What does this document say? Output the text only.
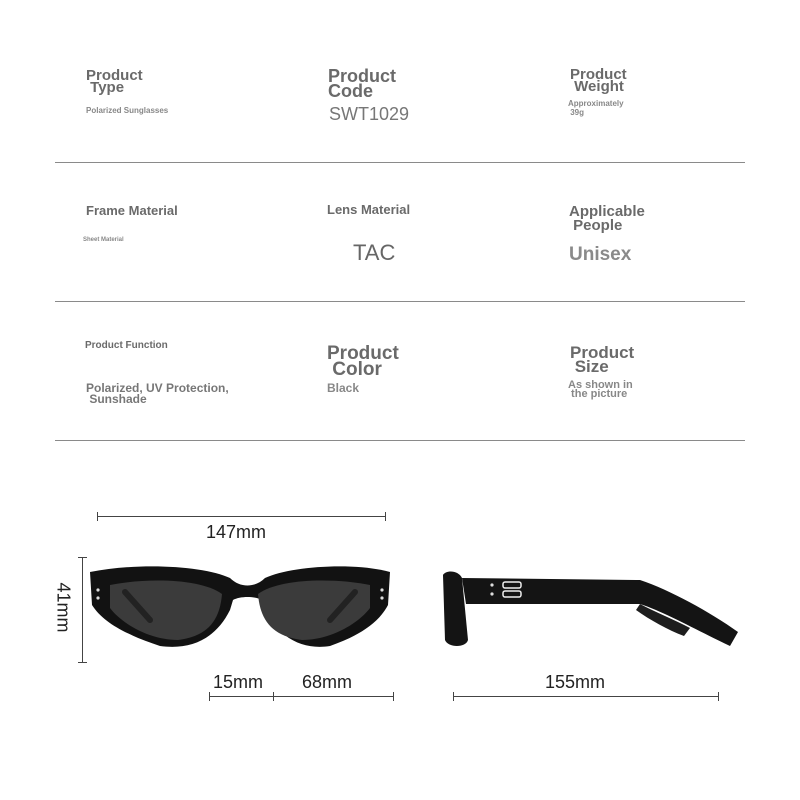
Product
Type
Polarized Sunglasses
Product
Code
SWT1029
Product
Weight
Approximately
39g
Frame Material
Sheet Material
Lens Material
TAC
Applicable
People
Unisex
Product Function
Polarized, UV Protection,
Sunshade
Product
Color
Black
Product
Size
As shown in
the picture
147mm
41mm
15mm 68mm	155mm
